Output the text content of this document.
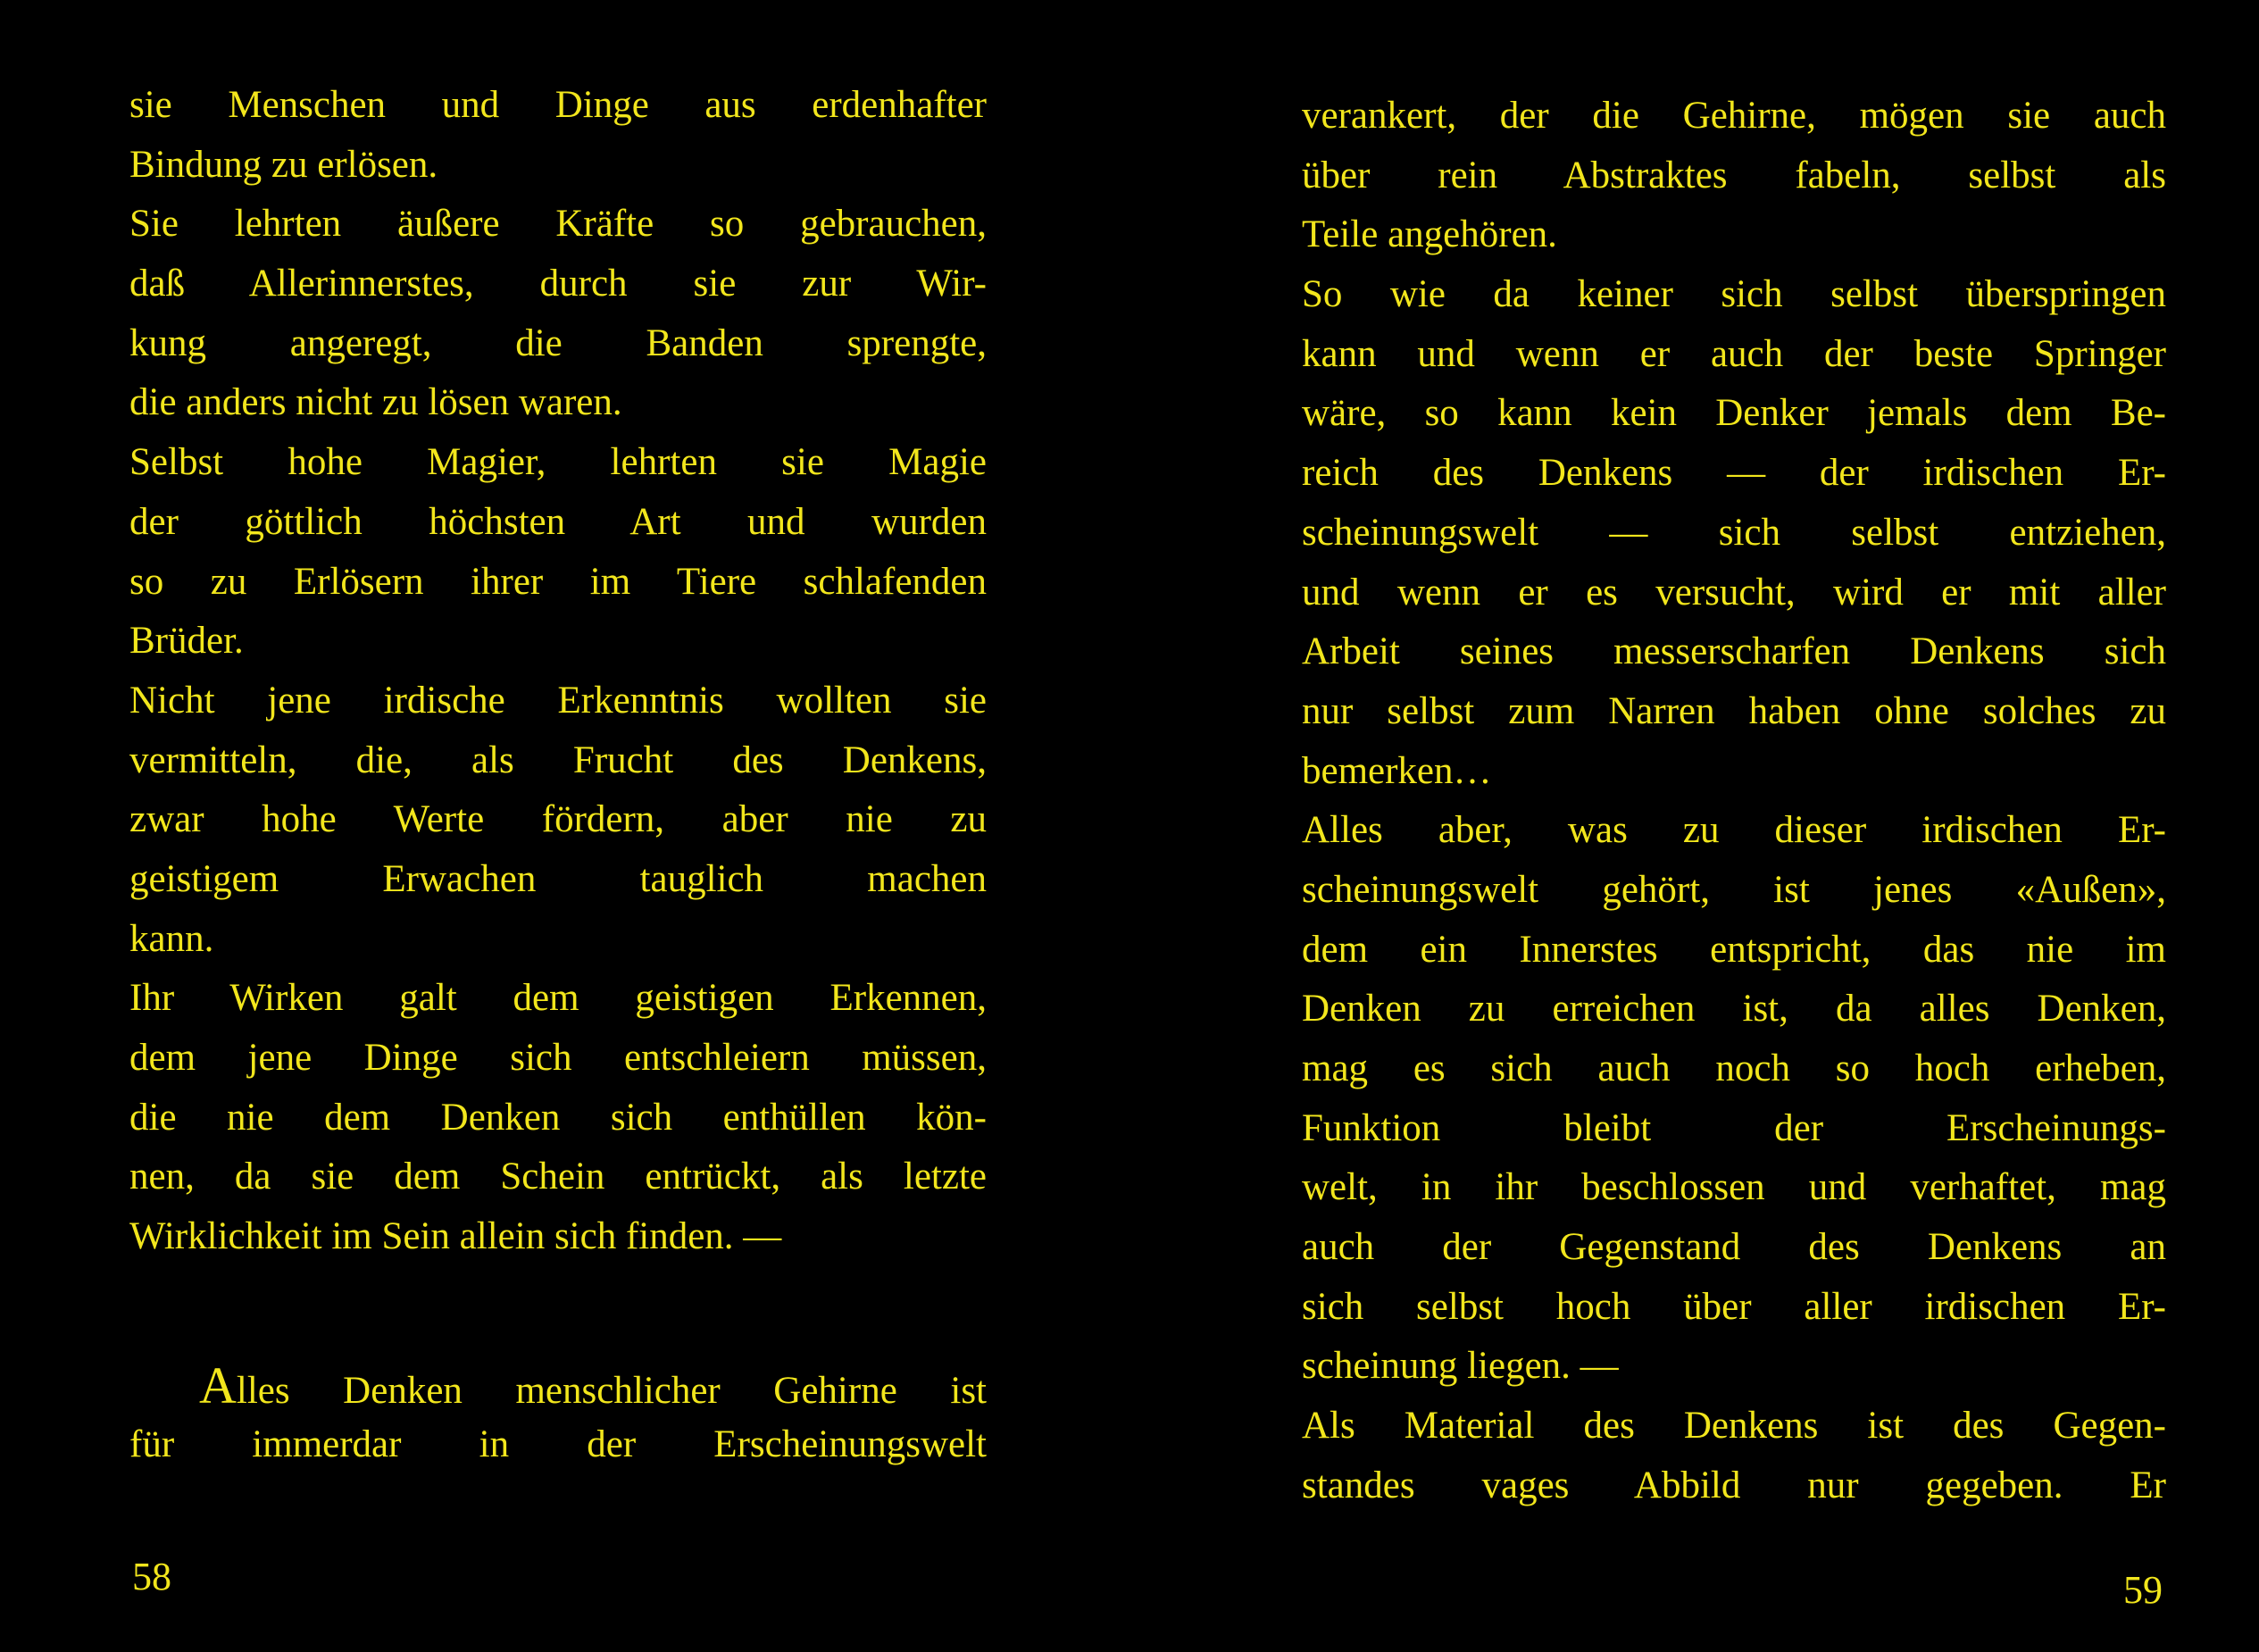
sie Menschen und Dinge aus erdenhafter
Bindung zu erlösen.
Sie lehrten äußere Kräfte so gebrauchen,
daß Allerinnerstes, durch sie zur Wir-
kung angeregt, die Banden sprengte,
die anders nicht zu lösen waren.
Selbst hohe Magier, lehrten sie Magie
der göttlich höchsten Art und wurden
so zu Erlösern ihrer im Tiere schlafenden
Brüder.
Nicht jene irdische Erkenntnis wollten sie
vermitteln, die, als Frucht des Denkens,
zwar hohe Werte fördern, aber nie zu
geistigem Erwachen tauglich machen
kann.
Ihr Wirken galt dem geistigen Erkennen,
dem jene Dinge sich entschleiern müssen,
die nie dem Denken sich enthüllen kön-
nen, da sie dem Schein entrückt, als letzte
Wirklichkeit im Sein allein sich finden. —
Alles Denken menschlicher Gehirne ist
für immerdar in der Erscheinungswelt
58
verankert, der die Gehirne, mögen sie auch
über rein Abstraktes fabeln, selbst als
Teile angehören.
So wie da keiner sich selbst überspringen
kann und wenn er auch der beste Springer
wäre, so kann kein Denker jemals dem Be-
reich des Denkens — der irdischen Er-
scheinungswelt — sich selbst entziehen,
und wenn er es versucht, wird er mit aller
Arbeit seines messerscharfen Denkens sich
nur selbst zum Narren haben ohne solches zu
bemerken…
Alles aber, was zu dieser irdischen Er-
scheinungswelt gehört, ist jenes «Außen»,
dem ein Innerstes entspricht, das nie im
Denken zu erreichen ist, da alles Denken,
mag es sich auch noch so hoch erheben,
Funktion bleibt der Erscheinungs-
welt, in ihr beschlossen und verhaftet, mag
auch der Gegenstand des Denkens an
sich selbst hoch über aller irdischen Er-
scheinung liegen. —
Als Material des Denkens ist des Gegen-
standes vages Abbild nur gegeben. Er
59
